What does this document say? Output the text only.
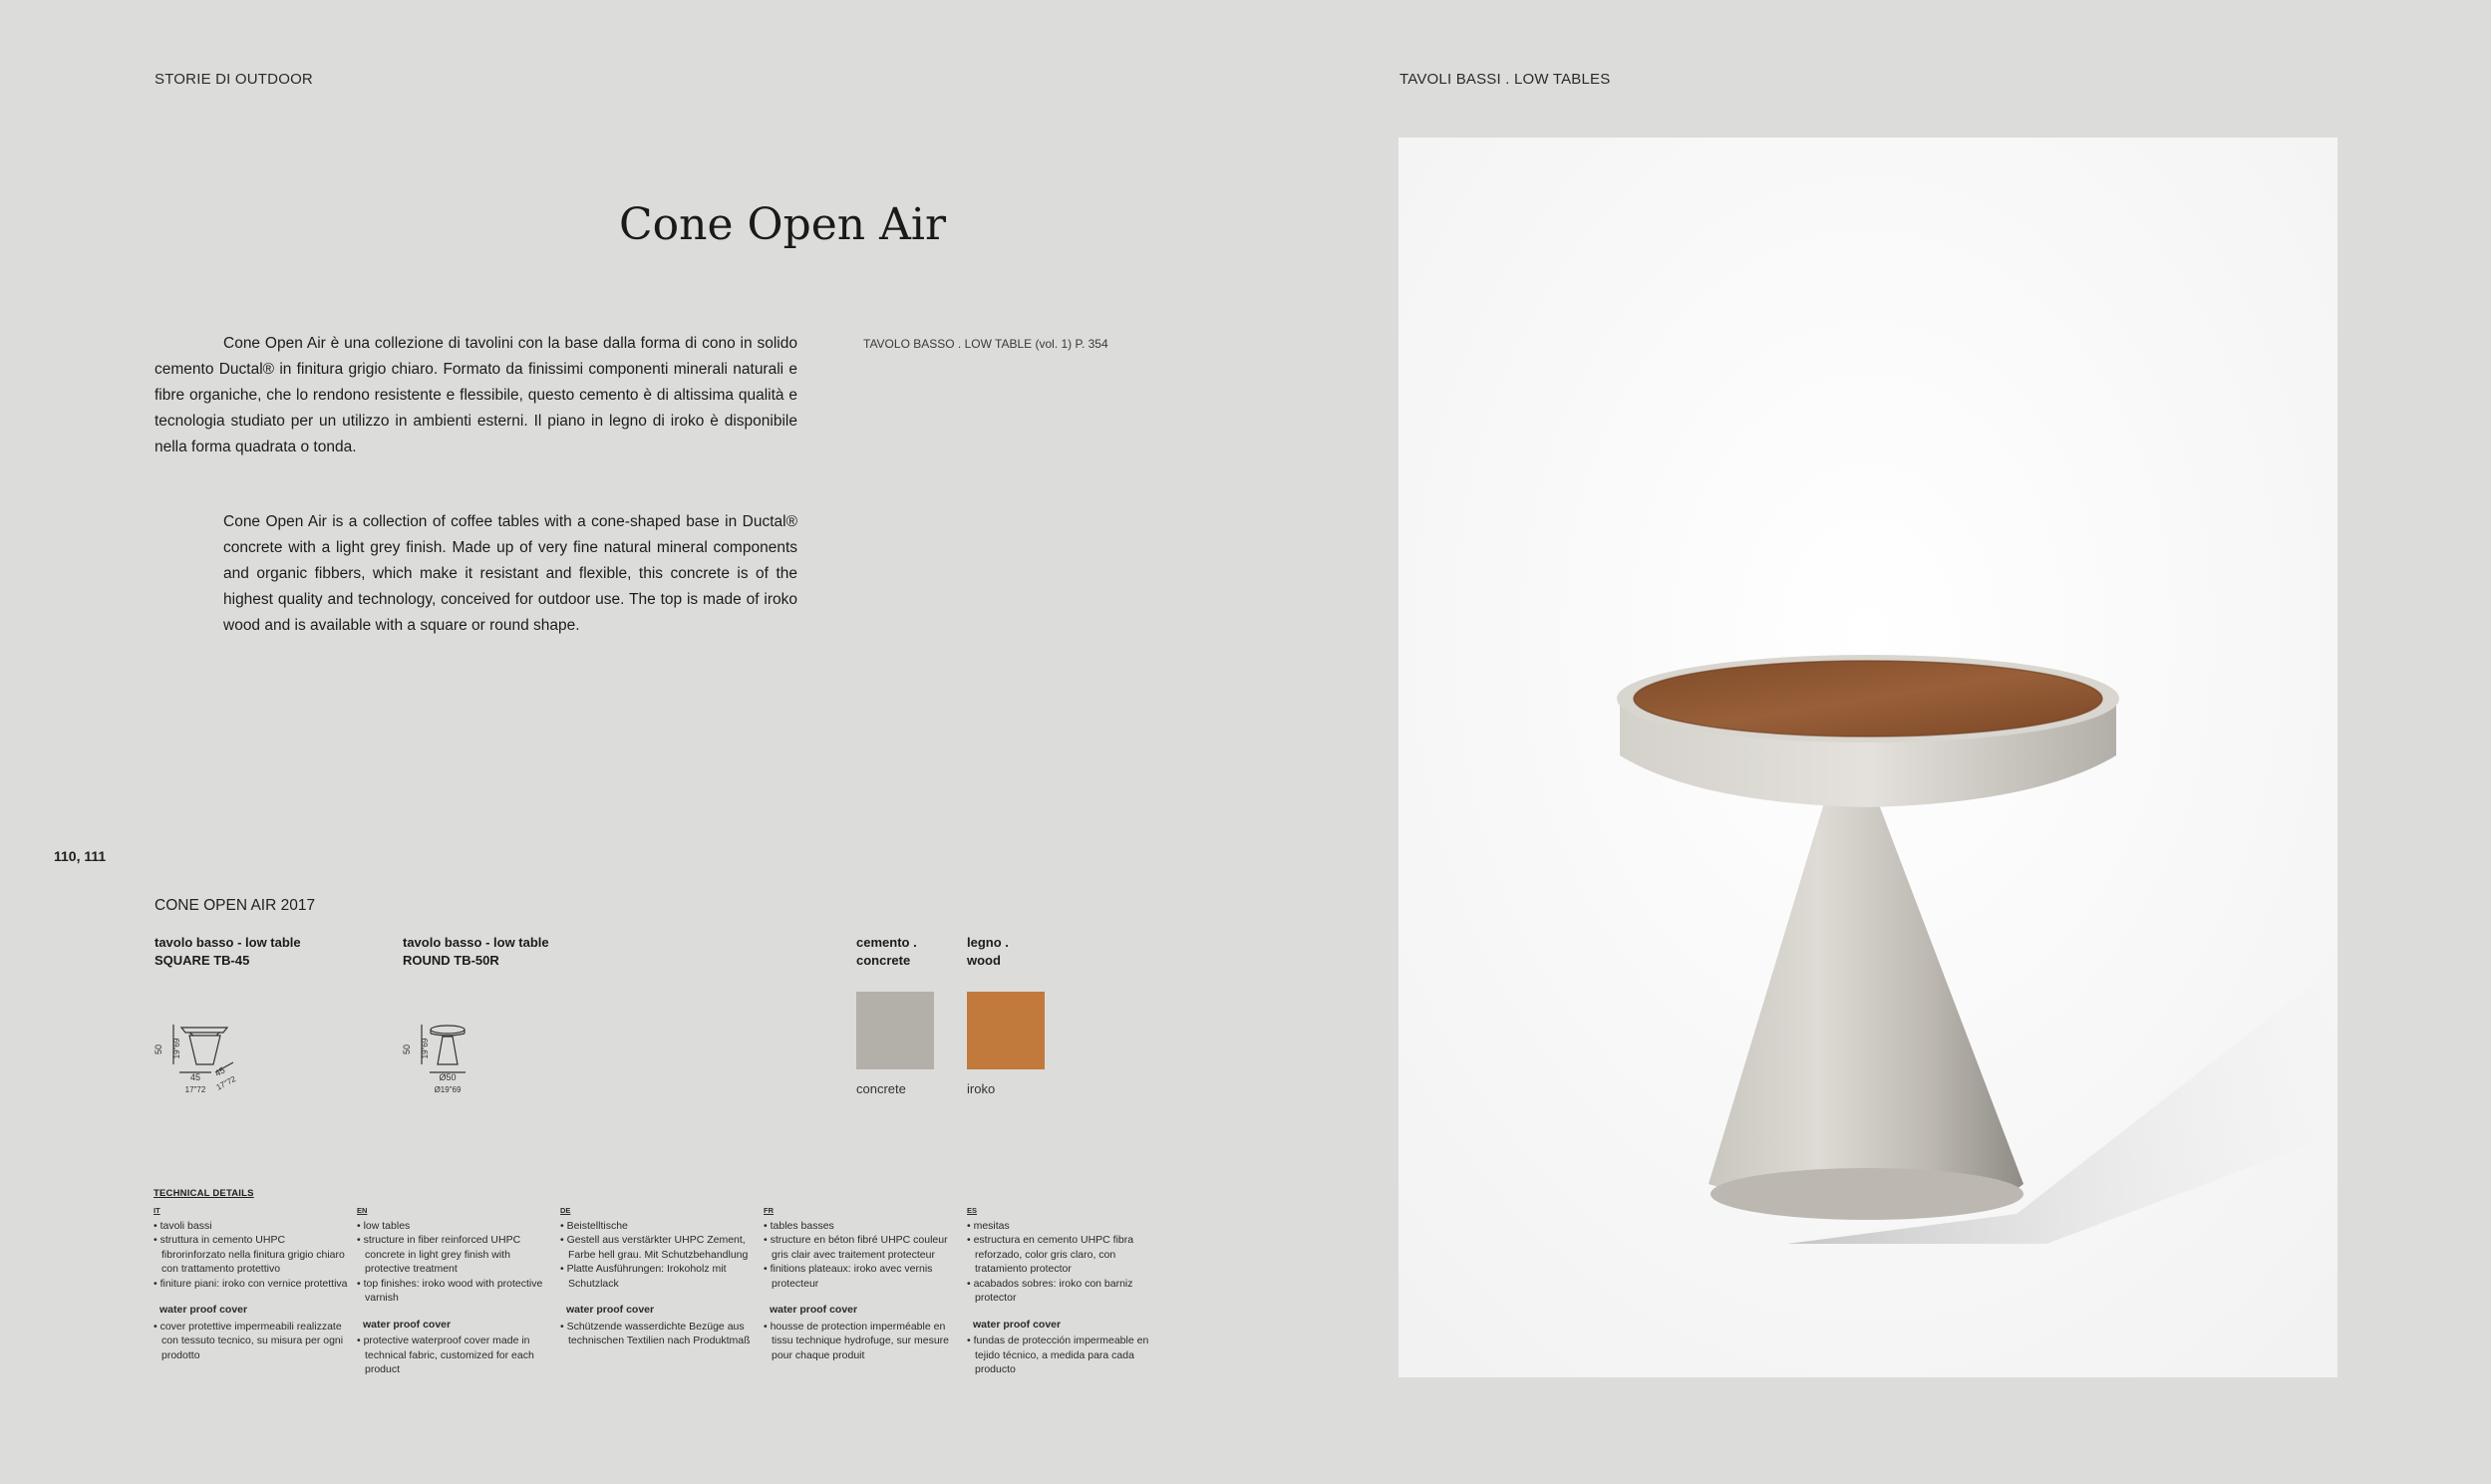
STORIE DI OUTDOOR	TAVOLI BASSI . LOW TABLES
Cone Open Air
Cone Open Air è una collezione di tavolini con la base dalla forma di cono in solido cemento Ductal® in finitura grigio chiaro. Formato da finissimi componenti minerali naturali e fibre organiche, che lo rendono resistente e flessibile, questo cemento è di altissima qualità e tecnologia studiato per un utilizzo in ambienti esterni. Il piano in legno di iroko è disponibile nella forma quadrata o tonda.
Cone Open Air is a collection of coffee tables with a cone-shaped base in Ductal® concrete with a light grey finish. Made up of very fine natural mineral components and organic fibbers, which make it resistant and flexible, this concrete is of the highest quality and technology, conceived for outdoor use. The top is made of iroko wood and is available with a square or round shape.
TAVOLO BASSO . LOW TABLE (vol. 1) P. 354
110, 111
CONE OPEN AIR 2017
tavolo basso - low table
SQUARE TB-45
50 19"69
45
17"72
45
17"72
tavolo basso - low table
ROUND TB-50R
50 19"69
Ø50
Ø19"69
cemento .
concrete
concrete
legno .
wood
iroko
TECHNICAL DETAILS
IT
• tavoli bassi
• struttura in cemento UHPC fibrorinforzato nella finitura grigio chiaro con trattamento protettivo
• finiture piani: iroko con vernice protettiva
water proof cover
• cover protettive impermeabili realizzate con tessuto tecnico, su misura per ogni prodotto
EN
• low tables
• structure in fiber reinforced UHPC concrete in light grey finish with protective treatment
• top finishes: iroko wood with protective varnish
water proof cover
• protective waterproof cover made in technical fabric, customized for each product
DE
• Beistelltische
• Gestell aus verstärkter UHPC Zement, Farbe hell grau. Mit Schutzbehandlung
• Platte Ausführungen: Irokoholz mit Schutzlack
water proof cover
• Schützende wasserdichte Bezüge aus technischen Textilien nach Produktmaß
FR
• tables basses
• structure en béton fibré UHPC couleur gris clair avec traitement protecteur
• finitions plateaux: iroko avec vernis protecteur
water proof cover
• housse de protection imperméable en tissu technique hydrofuge, sur mesure pour chaque produit
ES
• mesitas
• estructura en cemento UHPC fibra reforzado, color gris claro, con tratamiento protector
• acabados sobres: iroko con barniz protector
water proof cover
• fundas de protección impermeable en tejido técnico, a medida para cada producto
